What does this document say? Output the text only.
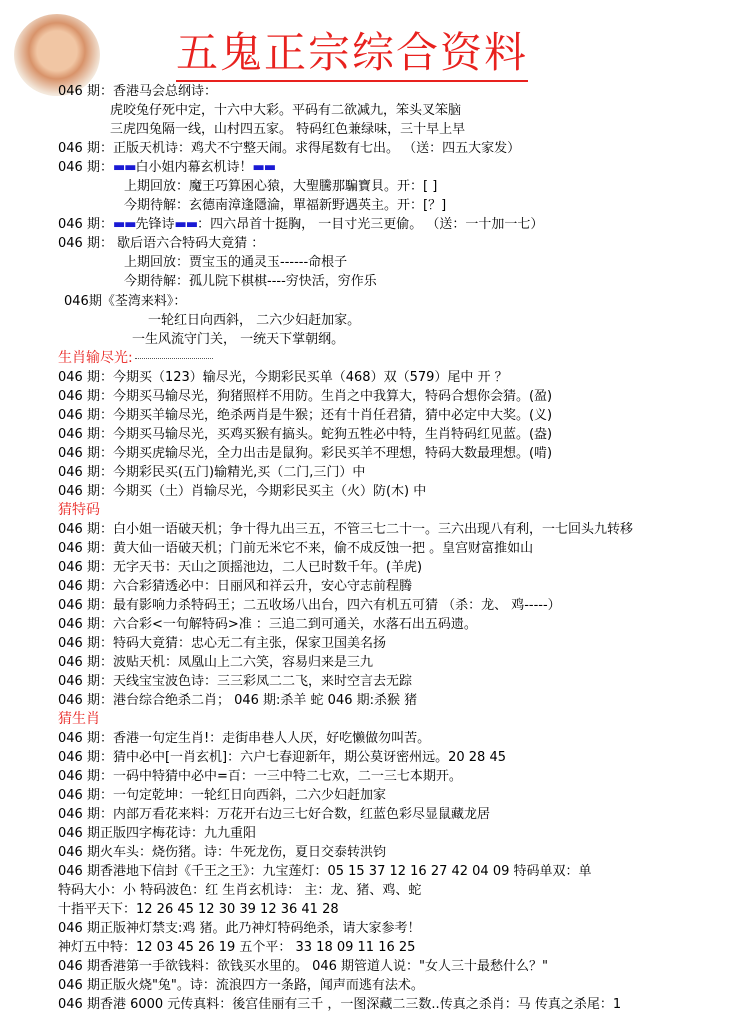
五鬼正宗综合资料
046 期：香港马会总纲诗：
虎咬兔仔死中定，十六中大彩。平码有二欲减九，笨头叉笨脑
三虎四兔隔一线，山村四五家。 特码红色兼绿味，三十早上早
046 期：正版天机诗：鸡犬不宁整天闹。求得尾数有七出。 （送：四五大家发）
046 期：▬▬白小姐内幕玄机诗！▬▬
上期回放：魔王巧算困心猿，大聖騰那騙寶貝。开：[ ]
今期待解：玄德南漳逢隱淪，單福新野遇英主。开：[？]
046 期：▬▬先锋诗▬▬：四六昂首十挺胸， 一目寸光三更偷。 （送：一十加一七）
046 期： 歇后语六合特码大竟猜 ：
上期回放：贾宝玉的通灵玉------命根子
今期待解：孤儿院下棋棋----穷快活，穷作乐
046期《荃湾来料》：
一轮红日向西斜， 二六少妇赶加家。
一生风流守门关， 一统天下掌朝纲。
生肖输尽光:
046 期：今期买（123）输尽光，今期彩民买单（468）双（579）尾中 开 ？
046 期：今期买马输尽光，狗猪照样不用防。生肖之中我算大，特码合想你会猜。(盈)
046 期：今期买羊输尽光，绝杀两肖是牛猴；还有十肖任君猜，猜中必定中大奖。(义)
046 期：今期买马输尽光，买鸡买猴有搞头。蛇狗五牲必中特，生肖特码红见蓝。(盎)
046 期：今期买虎输尽光，全力出击是鼠狗。彩民买羊不理想，特码大数最理想。(啃)
046 期：今期彩民买(五门)输精光,买（二门,三门）中
046 期：今期买（土）肖输尽光，今期彩民买主（火）防(木) 中
猜特码
046 期：白小姐一语破天机；争十得九出三五，不管三七二十一。三六出现八有利，一七回头九转移
046 期：黄大仙一语破天机；门前无米它不来，偷不成反蚀一把 。皇宫财富推如山
046 期：无字天书：天山之顶摇池边，二人已时数千年。(羊虎)
046 期：六合彩猜透必中：日丽风和祥云升，安心守志前程腾
046 期：最有影响力杀特码王；二五收场八出台，四六有机五可猜 （杀：龙、 鸡-----）
046 期：六合彩<一句解特码>准 ：三追二到可通关，水落石出五码遗。
046 期：特码大竟猜：忠心无二有主张，保家卫国美名扬
046 期：波贴天机：凤凰山上二六笑，容易归来是三九
046 期：天线宝宝波色诗：三三彩凤二二飞，来时空言去无踪
046 期：港台综合绝杀二肖； 046 期:杀羊 蛇 046 期:杀猴 猪
猜生肖
046 期：香港一句定生肖!：走街串巷人人厌，好吃懒做勿叫苦。
046 期：猜中必中[一肖玄机]：六户七春迎新年，期公莫讶密州远。20 28 45
046 期：一码中特猜中必中=百：一三中特二七欢，二一三七本期开。
046 期：一句定乾坤：一轮红日向西斜，二六少妇赶加家
046 期：内部万看花来料：万花开右边三七好合数，红蓝色彩尽显鼠藏龙居
046 期正版四字梅花诗：九九重阳
046 期火车头：烧伤猪。诗：牛死龙伤，夏日交泰转洪钧
046 期香港地下信封《千王之王》：九宝莲灯：05 15 37 12 16 27 42 04 09 特码单双：单
特码大小：小 特码波色：红 生肖玄机诗： 主：龙、猪、鸡、蛇
十指平天下：12 26 45 12 30 39 12 36 41 28
046 期正版神灯禁支:鸡 猪。此乃神灯特码绝杀，请大家参考！
神灯五中特：12 03 45 26 19 五个平： 33 18 09 11 16 25
046 期香港第一手欲钱料：欲钱买水里的。 046 期管道人说："女人三十最愁什么？"
046 期正版火烧"兔"。诗：流浪四方一条路，闻声而逃有法术。
046 期香港 6000 元传真料：後宫佳丽有三千 ，一图深藏二三数..传真之杀肖：马 传真之杀尾：1
